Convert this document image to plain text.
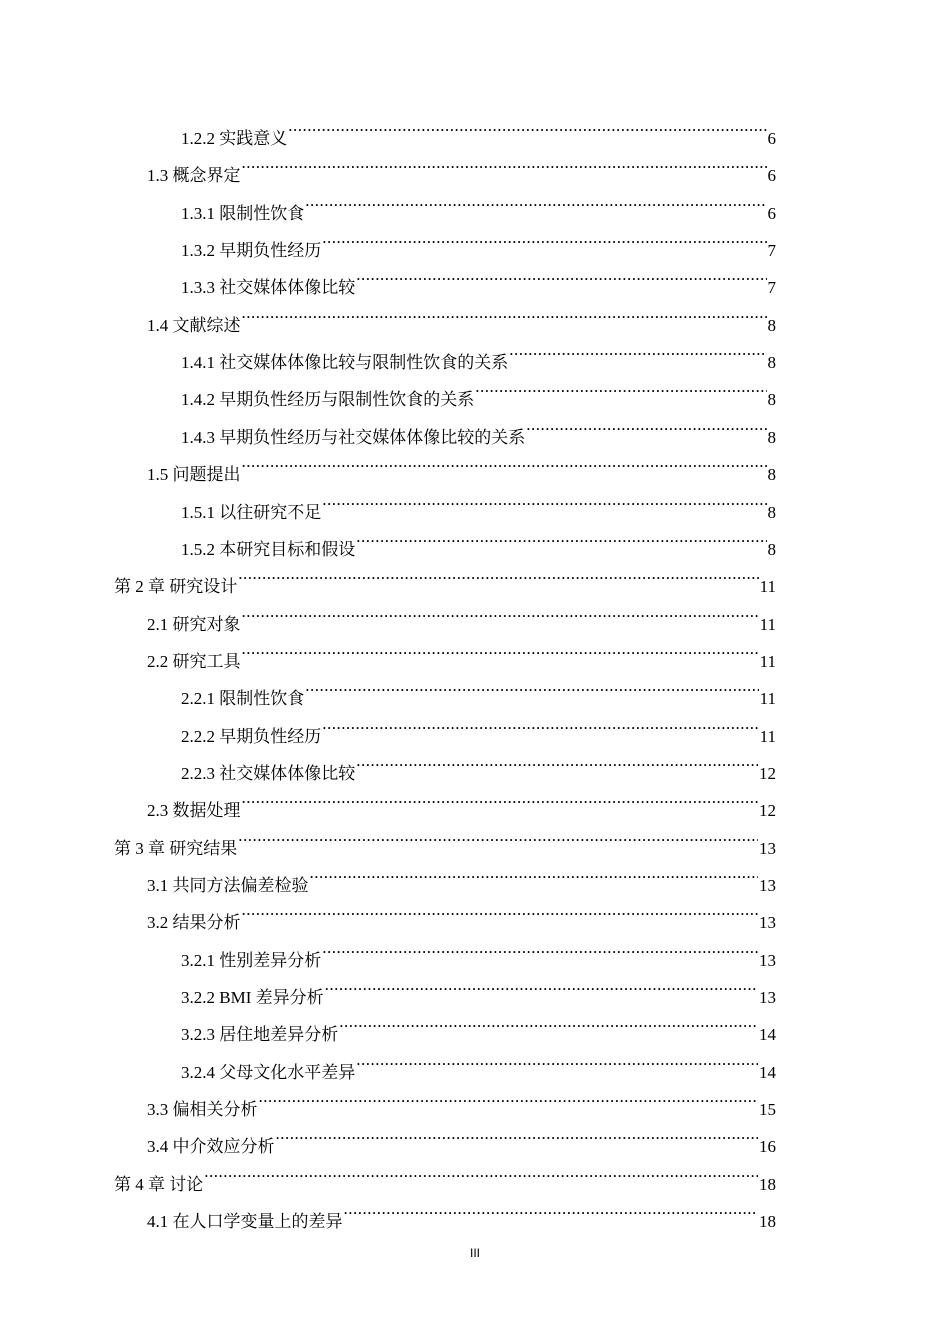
1.2.2 实践意义 .....	6
1.3 概念界定 .....	6
1.3.1 限制性饮食 .....	6
1.3.2 早期负性经历 .....	7
1.3.3 社交媒体体像比较 .....	7
1.4 文献综述 .....	8
1.4.1 社交媒体体像比较与限制性饮食的关系 .....	8
1.4.2 早期负性经历与限制性饮食的关系 .....	8
1.4.3 早期负性经历与社交媒体体像比较的关系 .....	8
1.5 问题提出 .....	8
1.5.1 以往研究不足 .....	8
1.5.2 本研究目标和假设 .....	8
第 2 章 研究设计 .....	11
2.1 研究对象 .....	11
2.2 研究工具 .....	11
2.2.1 限制性饮食 .....	11
2.2.2 早期负性经历 .....	11
2.2.3 社交媒体体像比较 .....	12
2.3 数据处理 .....	12
第 3 章 研究结果 .....	13
3.1 共同方法偏差检验 .....	13
3.2 结果分析 .....	13
3.2.1 性别差异分析 .....	13
3.2.2 BMI 差异分析 .....	13
3.2.3 居住地差异分析 .....	14
3.2.4 父母文化水平差异 .....	14
3.3 偏相关分析 .....	15
3.4 中介效应分析 .....	16
第 4 章 讨论 .....	18
4.1 在人口学变量上的差异 .....	18
III
